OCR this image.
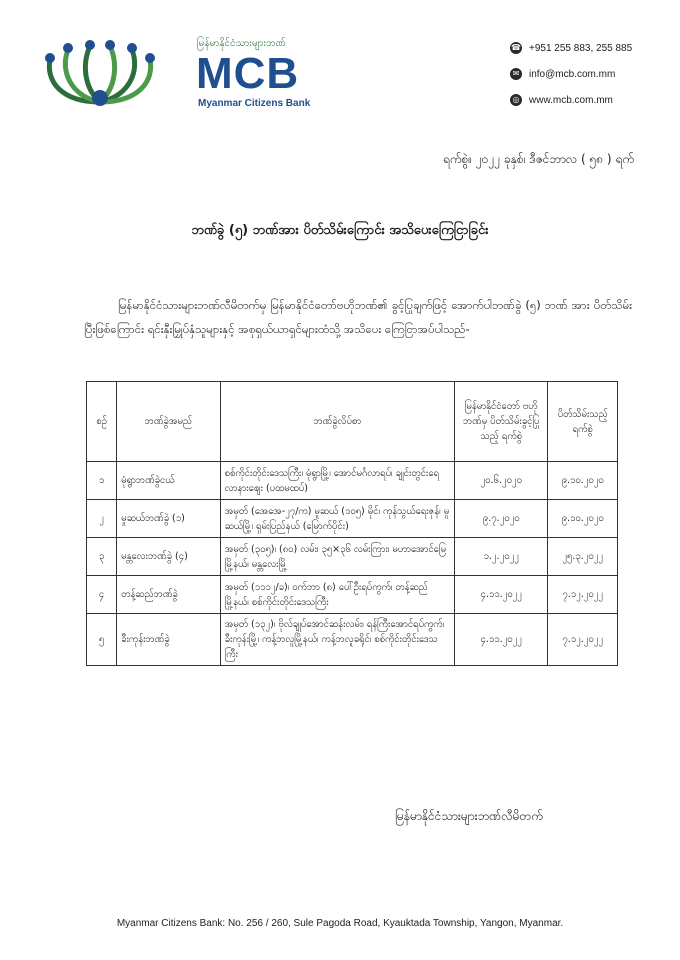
မြန်မာနိုင်ငံသားများဘဏ်
MCB
Myanmar Citizens Bank
☎ +951 255 883, 255 885
✉ info@mcb.com.mm
◎ www.mcb.com.mm
ရက်စွဲ။ ၂၀၂၂ ခုနှစ်၊ ဒီဇင်ဘာလ ( ၅၈ ) ရက်
ဘဏ်ခွဲ (၅) ဘဏ်အား ပိတ်သိမ်းကြောင်း အသိပေးကြေငြာခြင်း
မြန်မာနိုင်ငံသားများဘဏ်လီမိတက်မှ မြန်မာနိုင်ငံတော်ဗဟိုဘဏ်၏ ခွင့်ပြုချက်ဖြင့် အောက်ပါဘဏ်ခွဲ (၅) ဘဏ် အား ပိတ်သိမ်းပြီးဖြစ်ကြောင်း ရင်းနှီးမြှုပ်နှံသူများနှင့် အစုရှယ်ယာရှင်များထံသို့ အသိပေး ကြေငြာအပ်ပါသည်-
စဉ်	ဘဏ်ခွဲအမည်	ဘဏ်ခွဲလိပ်စာ	မြန်မာနိုင်ငံတော် ဗဟိုဘဏ်မှ ပိတ်သိမ်းခွင့်ပြုသည့် ရက်စွဲ	ပိတ်သိမ်းသည့် ရက်စွဲ
၁	မုံရွာဘဏ်ခွဲငယ်	စစ်ကိုင်းတိုင်းဒေသကြီး၊ မုံရွာမြို့၊ အောင်မင်္ဂလာရပ်၊ ချုင်းတွင်းရေလာနားဈေး (ပထမထပ်)	၂၀.၆.၂၀၂၀	၉.၁၀.၂၀၂၀
၂	မှုဆယ်ဘဏ်ခွဲ (၁)	အမှတ် (အေအေ-၂၇/က) မူဆယ် (၁၀၅) မိုင်၊ ကုန်သွယ်ရေးဇုန်၊ မူဆယ်မြို့၊ ရှမ်းပြည်နယ် (မြောက်ပိုင်း)	၉.၇.၂၀၂၀	၉.၁၀.၂၀၂၀
၃	မန္တလေးဘဏ်ခွဲ (၄)	အမှတ် (၃၀၅)၊ (၈၀) လမ်း၊ ၃၅×၃၆ လမ်းကြား၊ မဟာအောင်မြေမြို့နယ်၊ မန္တလေးမြို့	၁.၂.၂၀၂၂	၂၅.၃.၂၀၂၂
၄	တန့်ဆည်ဘဏ်ခွဲ	အမှတ် (၁၁၁၂/ခ)၊ ဝက်ဘာ (၈) ပေါ်ဦးရပ်ကွက်၊ တန့်ဆည်မြို့နယ်၊ စစ်ကိုင်းတိုင်းဒေသကြီး	၄.၁၁.၂၀၂၂	၇.၁၂.၂၀၂၂
၅	ခီးကုန်းဘဏ်ခွဲ	အမှတ် (၁၃၂)၊ ဗိုလ်ချုပ်အောင်ဆန်းလမ်း၊ ရန်ကြီးအောင်ရပ်ကွက်၊ ခီးကုန်းမြို့၊ ကန့်ဘလူမြို့နယ်၊ ကန့်ဘလူခရိုင်၊ စစ်ကိုင်းတိုင်းဒေသကြီး	၄.၁၁.၂၀၂၂	၇.၁၂.၂၀၂၂
မြန်မာနိုင်ငံသားများဘဏ်လီမိတက်
Myanmar Citizens Bank: No. 256 / 260, Sule Pagoda Road, Kyauktada Township, Yangon, Myanmar.
